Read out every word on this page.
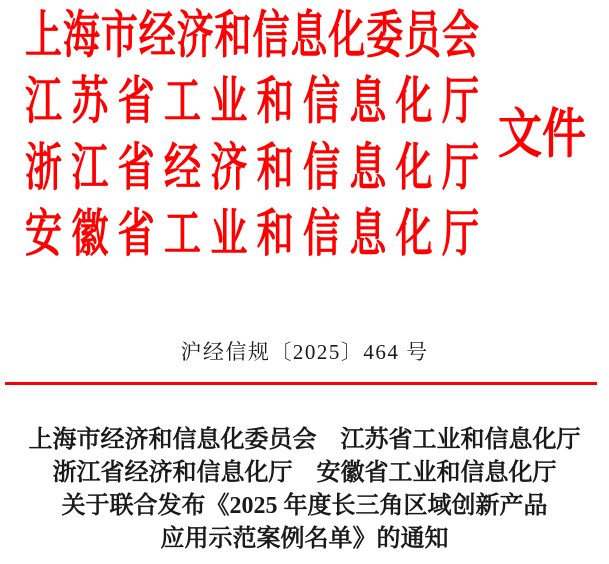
上海市经济和信息化委员会
江苏省工业和信息化厅
浙江省经济和信息化厅
安徽省工业和信息化厅
文件
沪经信规〔2025〕464 号
上海市经济和信息化委员会　江苏省工业和信息化厅
浙江省经济和信息化厅　安徽省工业和信息化厅
关于联合发布《2025 年度长三角区域创新产品
应用示范案例名单》的通知
